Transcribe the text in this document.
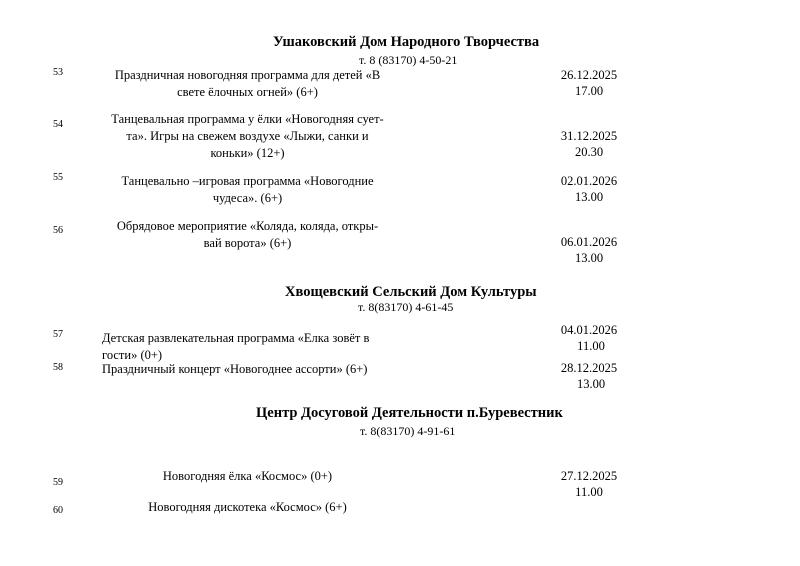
Ушаковский Дом Народного Творчества
т. 8 (83170) 4-50-21
53	Праздничная новогодняя программа для детей «В
свете ёлочных огней» (6+)
26.12.2025
17.00
54	Танцевальная программа у ёлки «Новогодняя сует-
та». Игры на свежем воздухе «Лыжи, санки и
коньки» (12+)
31.12.2025
20.30
55	Танцевально –игровая программа «Новогодние
чудеса». (6+)
02.01.2026
13.00
56	Обрядовое мероприятие «Коляда, коляда, откры-
вай ворота» (6+)	06.01.2026
13.00
Хвощевский Сельский Дом Культуры
т. 8(83170) 4-61-45
57	Детская развлекательная программа «Елка зовёт в
гости» (0+)
04.01.2026
11.00
58	Праздничный концерт «Новогоднее ассорти» (6+)	28.12.2025
13.00
Центр Досуговой Деятельности п.Буревестник
т. 8(83170) 4-91-61
59	Новогодняя ёлка «Космос» (0+)	27.12.2025
11.00
60	Новогодняя дискотека «Космос» (6+)
